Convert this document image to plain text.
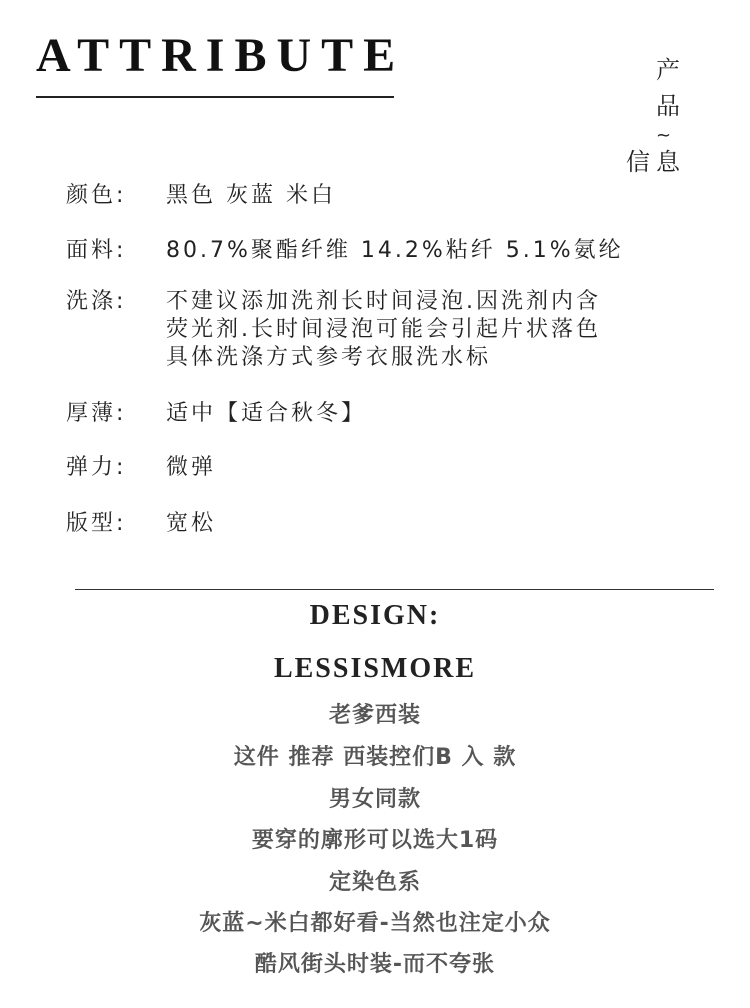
ATTRIBUTE	产
品
~
信 息
颜色:	黑色 灰蓝 米白
面料:	80.7%聚酯纤维 14.2%粘纤 5.1%氨纶
洗涤:	不建议添加洗剂长时间浸泡.因洗剂内含
荧光剂.长时间浸泡可能会引起片状落色
具体洗涤方式参考衣服洗水标
厚薄:	适中【适合秋冬】
弹力:	微弹
版型:	宽松
DESIGN:
LESSISMORE
老爹西装
这件 推荐 西装控们B 入 款
男女同款
要穿的廓形可以选大1码
定染色系
灰蓝~米白都好看-当然也注定小众
酷风街头时装-而不夸张
